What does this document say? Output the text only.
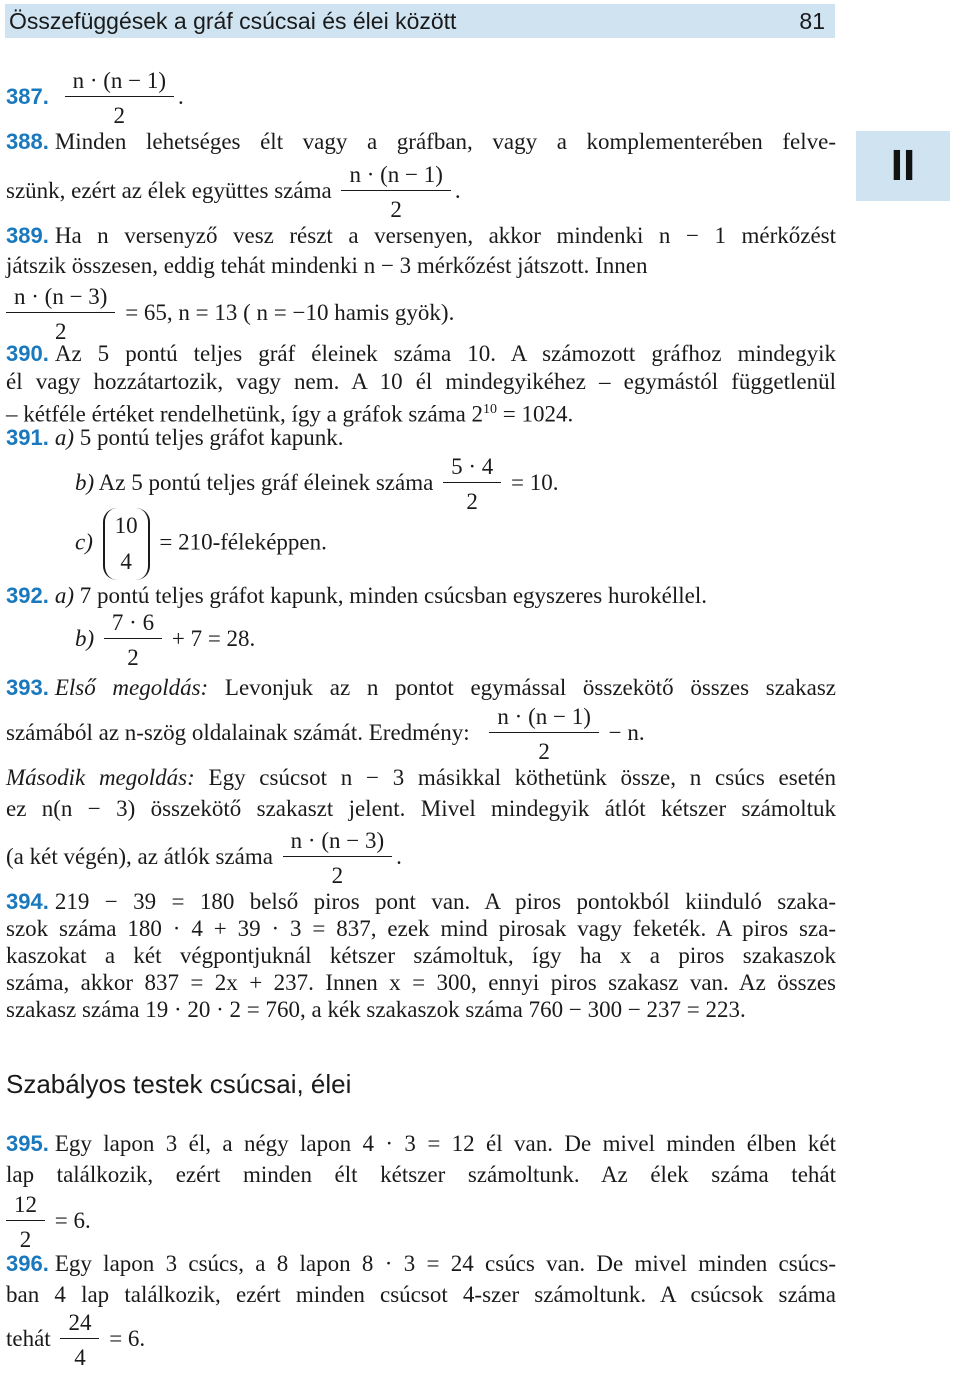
Összefüggések a gráf csúcsai és élei között	81
II
387. $\frac{n \cdot (n - 1)}{2}$ .
388. Minden lehetséges élt vagy a gráfban, vagy a komplementerében felve-
szünk, ezért az élek együttes száma $\frac{n \cdot (n - 1)}{2}$ .
389. Ha n versenyző vesz részt a versenyen, akkor mindenki n − 1 mérkőzést
játszik összesen, eddig tehát mindenki n − 3 mérkőzést játszott. Innen
$\frac{n \cdot (n - 3)}{2} = 65$, n = 13 ( n = −10 hamis gyök).
390. Az 5 pontú teljes gráf éleinek száma 10. A számozott gráfhoz mindegyik
él vagy hozzátartozik, vagy nem. A 10 él mindegyikéhez – egymástól függetlenül
– kétféle értéket rendelhetünk, így a gráfok száma $2^{10} = 1024$.
391. a) 5 pontú teljes gráfot kapunk.
b) Az 5 pontú teljes gráf éleinek száma $\frac{5 \cdot 4}{2} = 10$.
c)
10
4
= 210-féleképpen.
392. a) 7 pontú teljes gráfot kapunk, minden csúcsban egyszeres hurokéllel.
$b) \frac{7 \cdot 6}{2} + 7 = 28$.
393. Első megoldás: Levonjuk az n pontot egymással összekötő összes szakasz
számából az n-szög oldalainak számát. Eredmény: $\frac{n \cdot (n - 1)}{2} - n$.
Második megoldás: Egy csúcsot n − 3 másikkal köthetünk össze, n csúcs esetén
ez n(n − 3) összekötő szakaszt jelent. Mivel mindegyik átlót kétszer számoltuk
(a két végén), az átlók száma $\frac{n \cdot (n - 3)}{2}$ .
394. 219 − 39 = 180 belső piros pont van. A piros pontokból kiinduló szaka-
szok száma 180 · 4 + 39 · 3 = 837, ezek mind pirosak vagy feketék. A piros sza-
kaszokat a két végpontjuknál kétszer számoltuk, így ha x a piros szakaszok
száma, akkor 837 = 2x + 237. Innen x = 300, ennyi piros szakasz van. Az összes
szakasz száma 19 · 20 · 2 = 760, a kék szakaszok száma 760 − 300 − 237 = 223.
Szabályos testek csúcsai, élei
395. Egy lapon 3 él, a négy lapon 4 · 3 = 12 él van. De mivel minden élben két
lap találkozik, ezért minden élt kétszer számoltunk. Az élek száma tehát
$\frac{12}{2} = 6$.
396. Egy lapon 3 csúcs, a 8 lapon 8 · 3 = 24 csúcs van. De mivel minden csúcs-
ban 4 lap találkozik, ezért minden csúcsot 4-szer számoltunk. A csúcsok száma
tehát $\frac{24}{4} = 6$.
